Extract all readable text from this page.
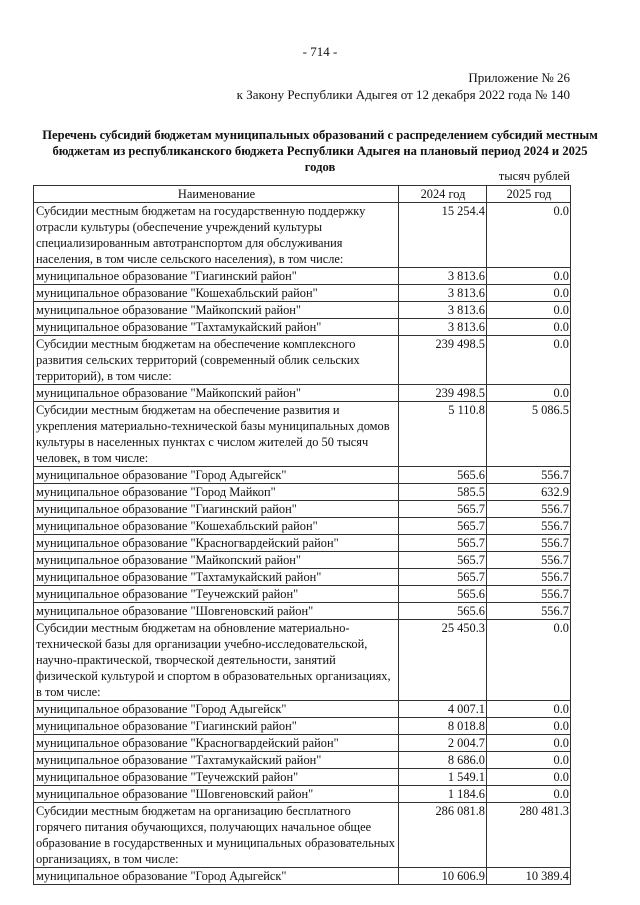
- 714 -
Приложение № 26
к Закону Республики Адыгея от 12 декабря 2022 года № 140
Перечень субсидий бюджетам муниципальных образований с распределением субсидий местным бюджетам из республиканского бюджета Республики Адыгея на плановый период 2024 и 2025 годов
тысяч рублей
Наименование	2024 год	2025 год
Субсидии местным бюджетам на государственную поддержку отрасли культуры (обеспечение учреждений культуры специализированным автотранспортом для обслуживания населения, в том числе сельского населения), в том числе:	15 254.4	0.0
муниципальное образование "Гиагинский район"	3 813.6	0.0
муниципальное образование "Кошехабльский район"	3 813.6	0.0
муниципальное образование "Майкопский район"	3 813.6	0.0
муниципальное образование "Тахтамукайский район"	3 813.6	0.0
Субсидии местным бюджетам на обеспечение комплексного развития сельских территорий (современный облик сельских территорий), в том числе:	239 498.5	0.0
муниципальное образование "Майкопский район"	239 498.5	0.0
Субсидии местным бюджетам на обеспечение развития и укрепления материально-технической базы муниципальных домов культуры в населенных пунктах с числом жителей до 50 тысяч человек, в том числе:	5 110.8	5 086.5
муниципальное образование "Город Адыгейск"	565.6	556.7
муниципальное образование "Город Майкоп"	585.5	632.9
муниципальное образование "Гиагинский район"	565.7	556.7
муниципальное образование "Кошехабльский район"	565.7	556.7
муниципальное образование "Красногвардейский район"	565.7	556.7
муниципальное образование "Майкопский район"	565.7	556.7
муниципальное образование "Тахтамукайский район"	565.7	556.7
муниципальное образование "Теучежский район"	565.6	556.7
муниципальное образование "Шовгеновский район"	565.6	556.7
Субсидии местным бюджетам на обновление материально-технической базы для организации учебно-исследовательской, научно-практической, творческой деятельности, занятий физической культурой и спортом в образовательных организациях, в том числе:	25 450.3	0.0
муниципальное образование "Город Адыгейск"	4 007.1	0.0
муниципальное образование "Гиагинский район"	8 018.8	0.0
муниципальное образование "Красногвардейский район"	2 004.7	0.0
муниципальное образование "Тахтамукайский район"	8 686.0	0.0
муниципальное образование "Теучежский район"	1 549.1	0.0
муниципальное образование "Шовгеновский район"	1 184.6	0.0
Субсидии местным бюджетам на организацию бесплатного горячего питания обучающихся, получающих начальное общее образование в государственных и муниципальных образовательных организациях, в том числе:	286 081.8	280 481.3
муниципальное образование "Город Адыгейск"	10 606.9	10 389.4
